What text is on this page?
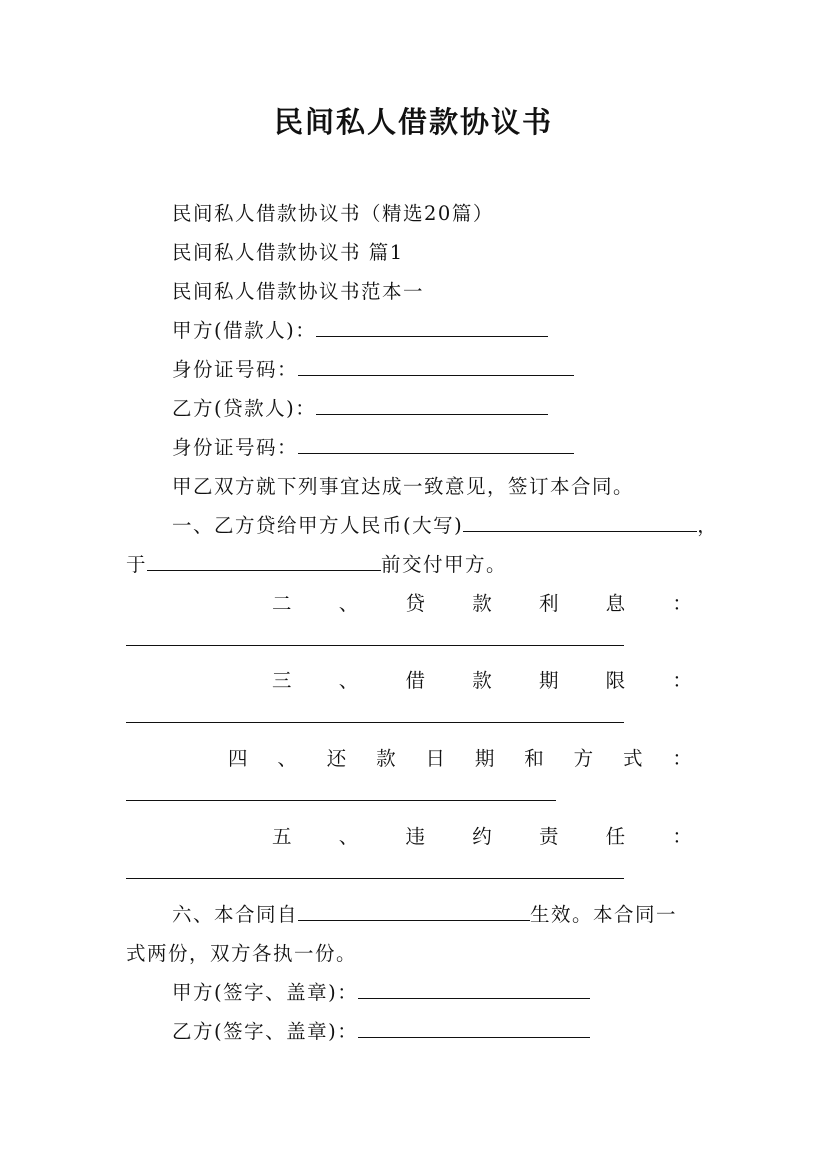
民间私人借款协议书
民间私人借款协议书（精选20篇）
民间私人借款协议书 篇1
民间私人借款协议书范本一
甲方(借款人)：
身份证号码：
乙方(贷款人)：
身份证号码：
甲乙双方就下列事宜达成一致意见，签订本合同。
一、乙方贷给甲方人民币(大写)	，
于	前交付甲方。
二 、 贷 款 利 息 ：
三 、 借 款 期 限 ：
四 、 还 款 日 期 和 方 式 ：
五 、 违 约 责 任 ：
六、本合同自	生效。本合同一
式两份，双方各执一份。
甲方(签字、盖章)：
乙方(签字、盖章)：
